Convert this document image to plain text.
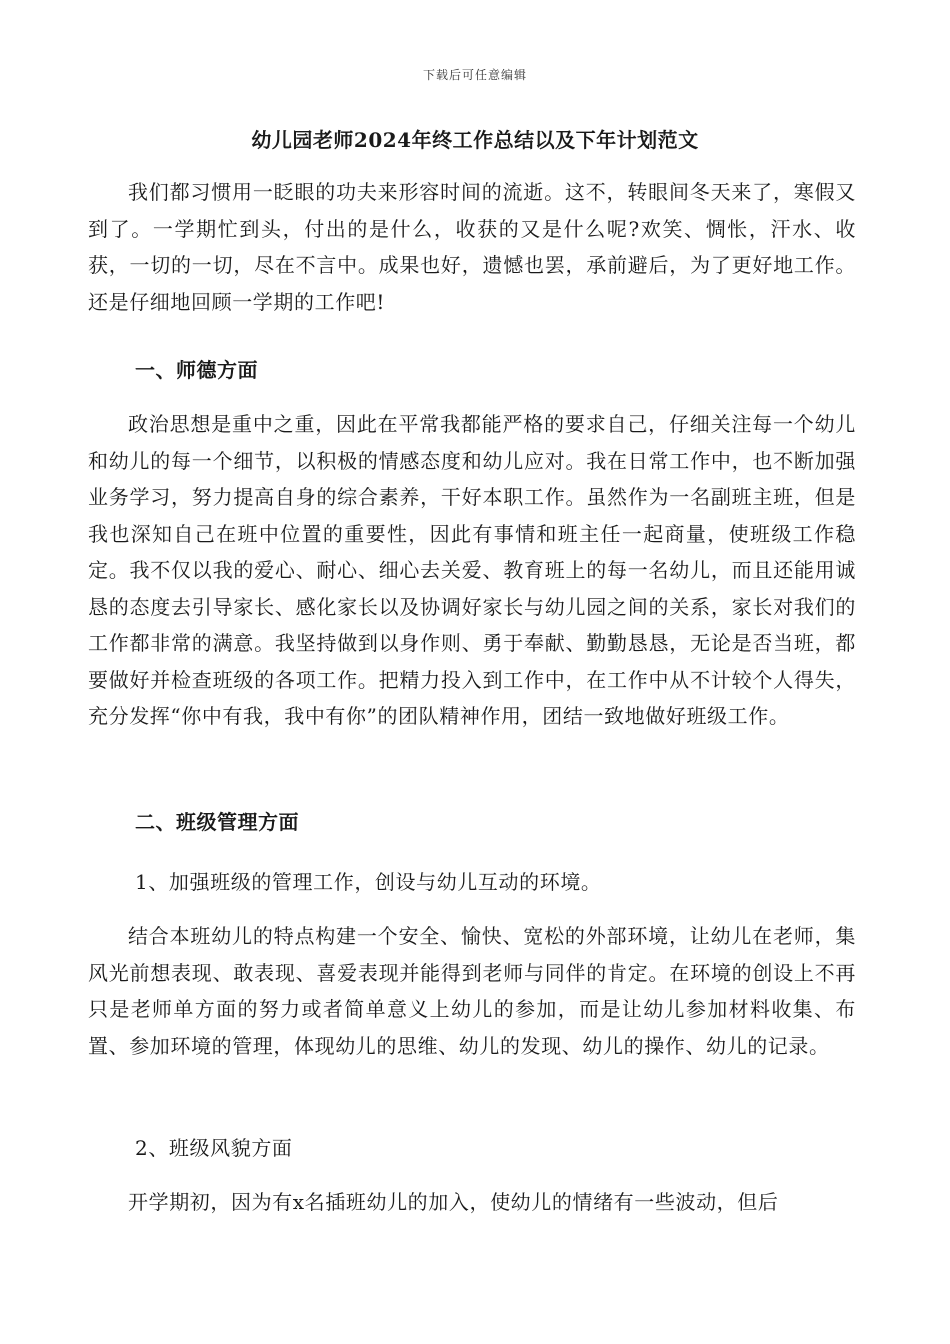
下载后可任意编辑
幼儿园老师2024年终工作总结以及下年计划范文

我们都习惯用一眨眼的功夫来形容时间的流逝。这不，转眼间冬天来了，寒假又到了。一学期忙到头，付出的是什么，收获的又是什么呢?欢笑、惆怅，汗水、收获，一切的一切，尽在不言中。成果也好，遗憾也罢，承前避后，为了更好地工作。还是仔细地回顾一学期的工作吧!

一、师德方面

政治思想是重中之重，因此在平常我都能严格的要求自己，仔细关注每一个幼儿和幼儿的每一个细节，以积极的情感态度和幼儿应对。我在日常工作中，也不断加强业务学习，努力提高自身的综合素养，干好本职工作。虽然作为一名副班主班，但是我也深知自己在班中位置的重要性，因此有事情和班主任一起商量，使班级工作稳定。我不仅以我的爱心、耐心、细心去关爱、教育班上的每一名幼儿，而且还能用诚恳的态度去引导家长、感化家长以及协调好家长与幼儿园之间的关系，家长对我们的工作都非常的满意。我坚持做到以身作则、勇于奉献、勤勤恳恳，无论是否当班，都要做好并检查班级的各项工作。把精力投入到工作中，在工作中从不计较个人得失，充分发挥“你中有我，我中有你”的团队精神作用，团结一致地做好班级工作。

二、班级管理方面
1、加强班级的管理工作，创设与幼儿互动的环境。

结合本班幼儿的特点构建一个安全、愉快、宽松的外部环境，让幼儿在老师，集风光前想表现、敢表现、喜爱表现并能得到老师与同伴的肯定。在环境的创设上不再只是老师单方面的努力或者简单意义上幼儿的参加，而是让幼儿参加材料收集、布置、参加环境的管理，体现幼儿的思维、幼儿的发现、幼儿的操作、幼儿的记录。

2、班级风貌方面

开学期初，因为有x名插班幼儿的加入，使幼儿的情绪有一些波动，但后
